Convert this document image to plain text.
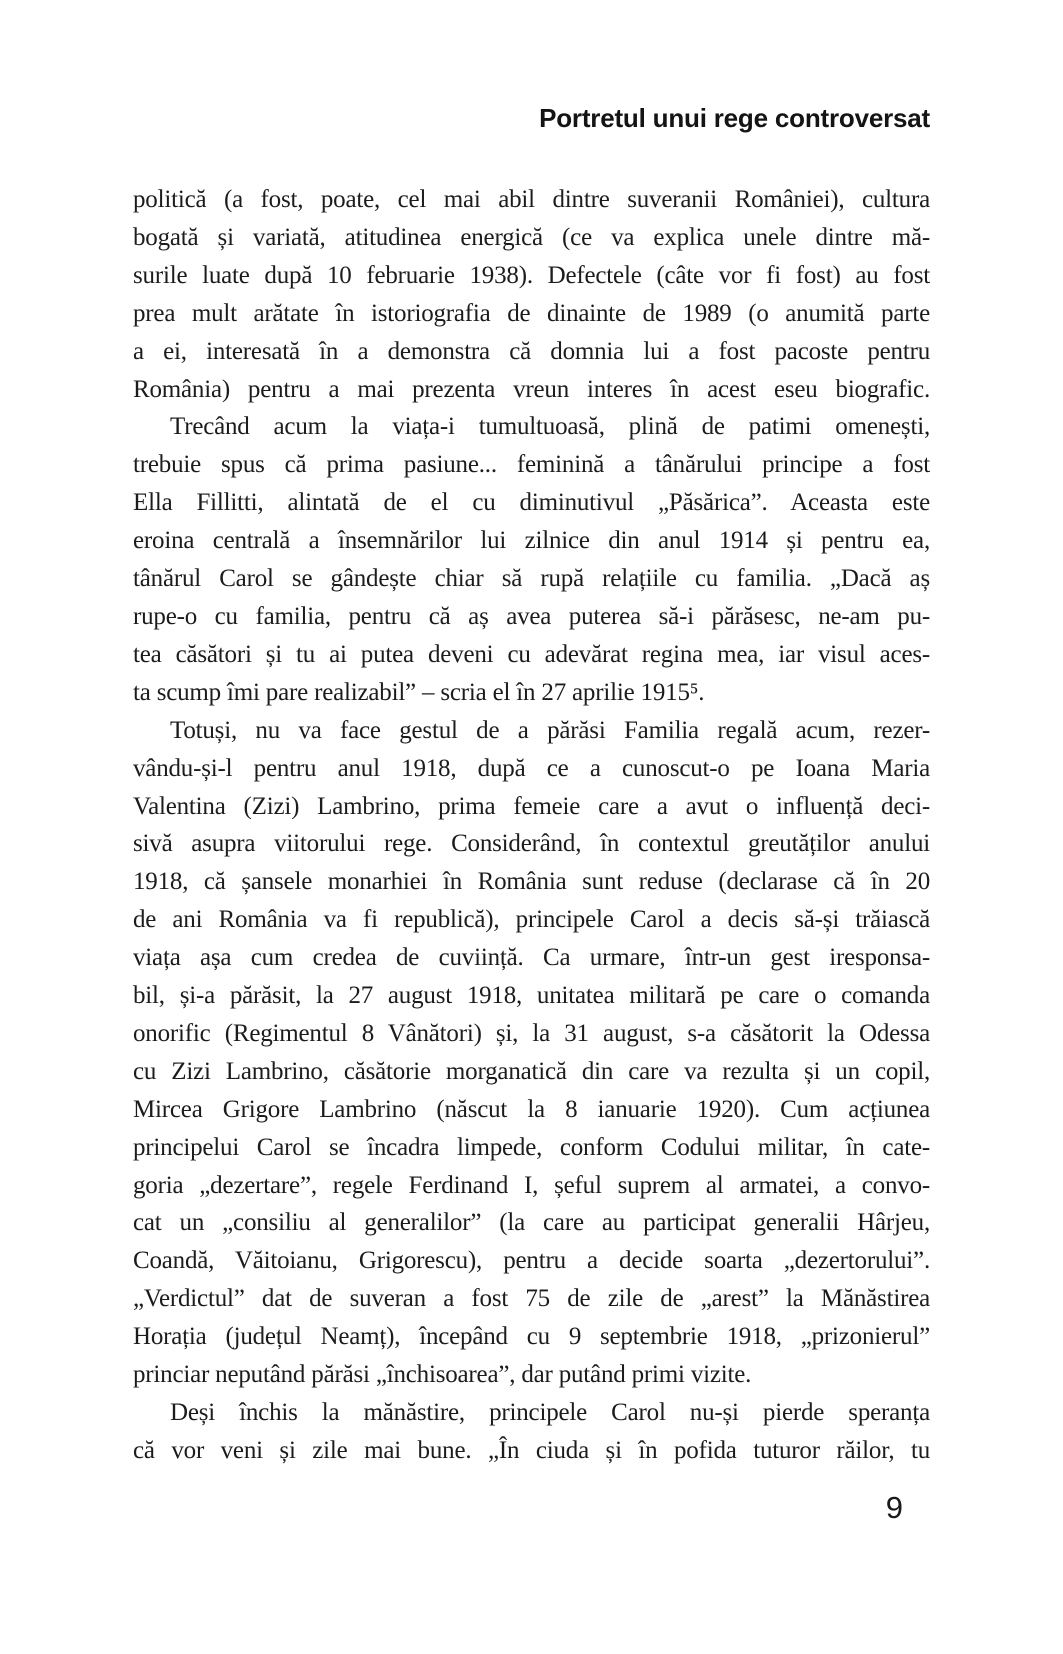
Portretul unui rege controversat
politică (a fost, poate, cel mai abil dintre suveranii României), cultura
bogată și variată, atitudinea energică (ce va explica unele dintre mă-
surile luate după 10 februarie 1938). Defectele (câte vor fi fost) au fost
prea mult arătate în istoriografia de dinainte de 1989 (o anumită parte
a ei, interesată în a demonstra că domnia lui a fost pacoste pentru
România) pentru a mai prezenta vreun interes în acest eseu biografic.
Trecând acum la viața-i tumultuoasă, plină de patimi omenești,
trebuie spus că prima pasiune... feminină a tânărului principe a fost
Ella Fillitti, alintată de el cu diminutivul „Păsărica”. Aceasta este
eroina centrală a însemnărilor lui zilnice din anul 1914 și pentru ea,
tânărul Carol se gândește chiar să rupă relațiile cu familia. „Dacă aș
rupe-o cu familia, pentru că aș avea puterea să-i părăsesc, ne-am pu-
tea căsători și tu ai putea deveni cu adevărat regina mea, iar visul aces-
ta scump îmi pare realizabil” – scria el în 27 aprilie 1915⁵.
Totuși, nu va face gestul de a părăsi Familia regală acum, rezer-
vându-și-l pentru anul 1918, după ce a cunoscut-o pe Ioana Maria
Valentina (Zizi) Lambrino, prima femeie care a avut o influență deci-
sivă asupra viitorului rege. Considerând, în contextul greutăților anului
1918, că șansele monarhiei în România sunt reduse (declarase că în 20
de ani România va fi republică), principele Carol a decis să-și trăiască
viața așa cum credea de cuviință. Ca urmare, într-un gest iresponsa-
bil, și-a părăsit, la 27 august 1918, unitatea militară pe care o comanda
onorific (Regimentul 8 Vânători) și, la 31 august, s-a căsătorit la Odessa
cu Zizi Lambrino, căsătorie morganatică din care va rezulta și un copil,
Mircea Grigore Lambrino (născut la 8 ianuarie 1920). Cum acțiunea
principelui Carol se încadra limpede, conform Codului militar, în cate-
goria „dezertare”, regele Ferdinand I, șeful suprem al armatei, a convo-
cat un „consiliu al generalilor” (la care au participat generalii Hârjeu,
Coandă, Văitoianu, Grigorescu), pentru a decide soarta „dezertorului”.
„Verdictul” dat de suveran a fost 75 de zile de „arest” la Mănăstirea
Horația (județul Neamț), începând cu 9 septembrie 1918, „prizonierul”
princiar neputând părăsi „închisoarea”, dar putând primi vizite.
Deși închis la mănăstire, principele Carol nu-și pierde speranța
că vor veni și zile mai bune. „În ciuda și în pofida tuturor răilor, tu
9
